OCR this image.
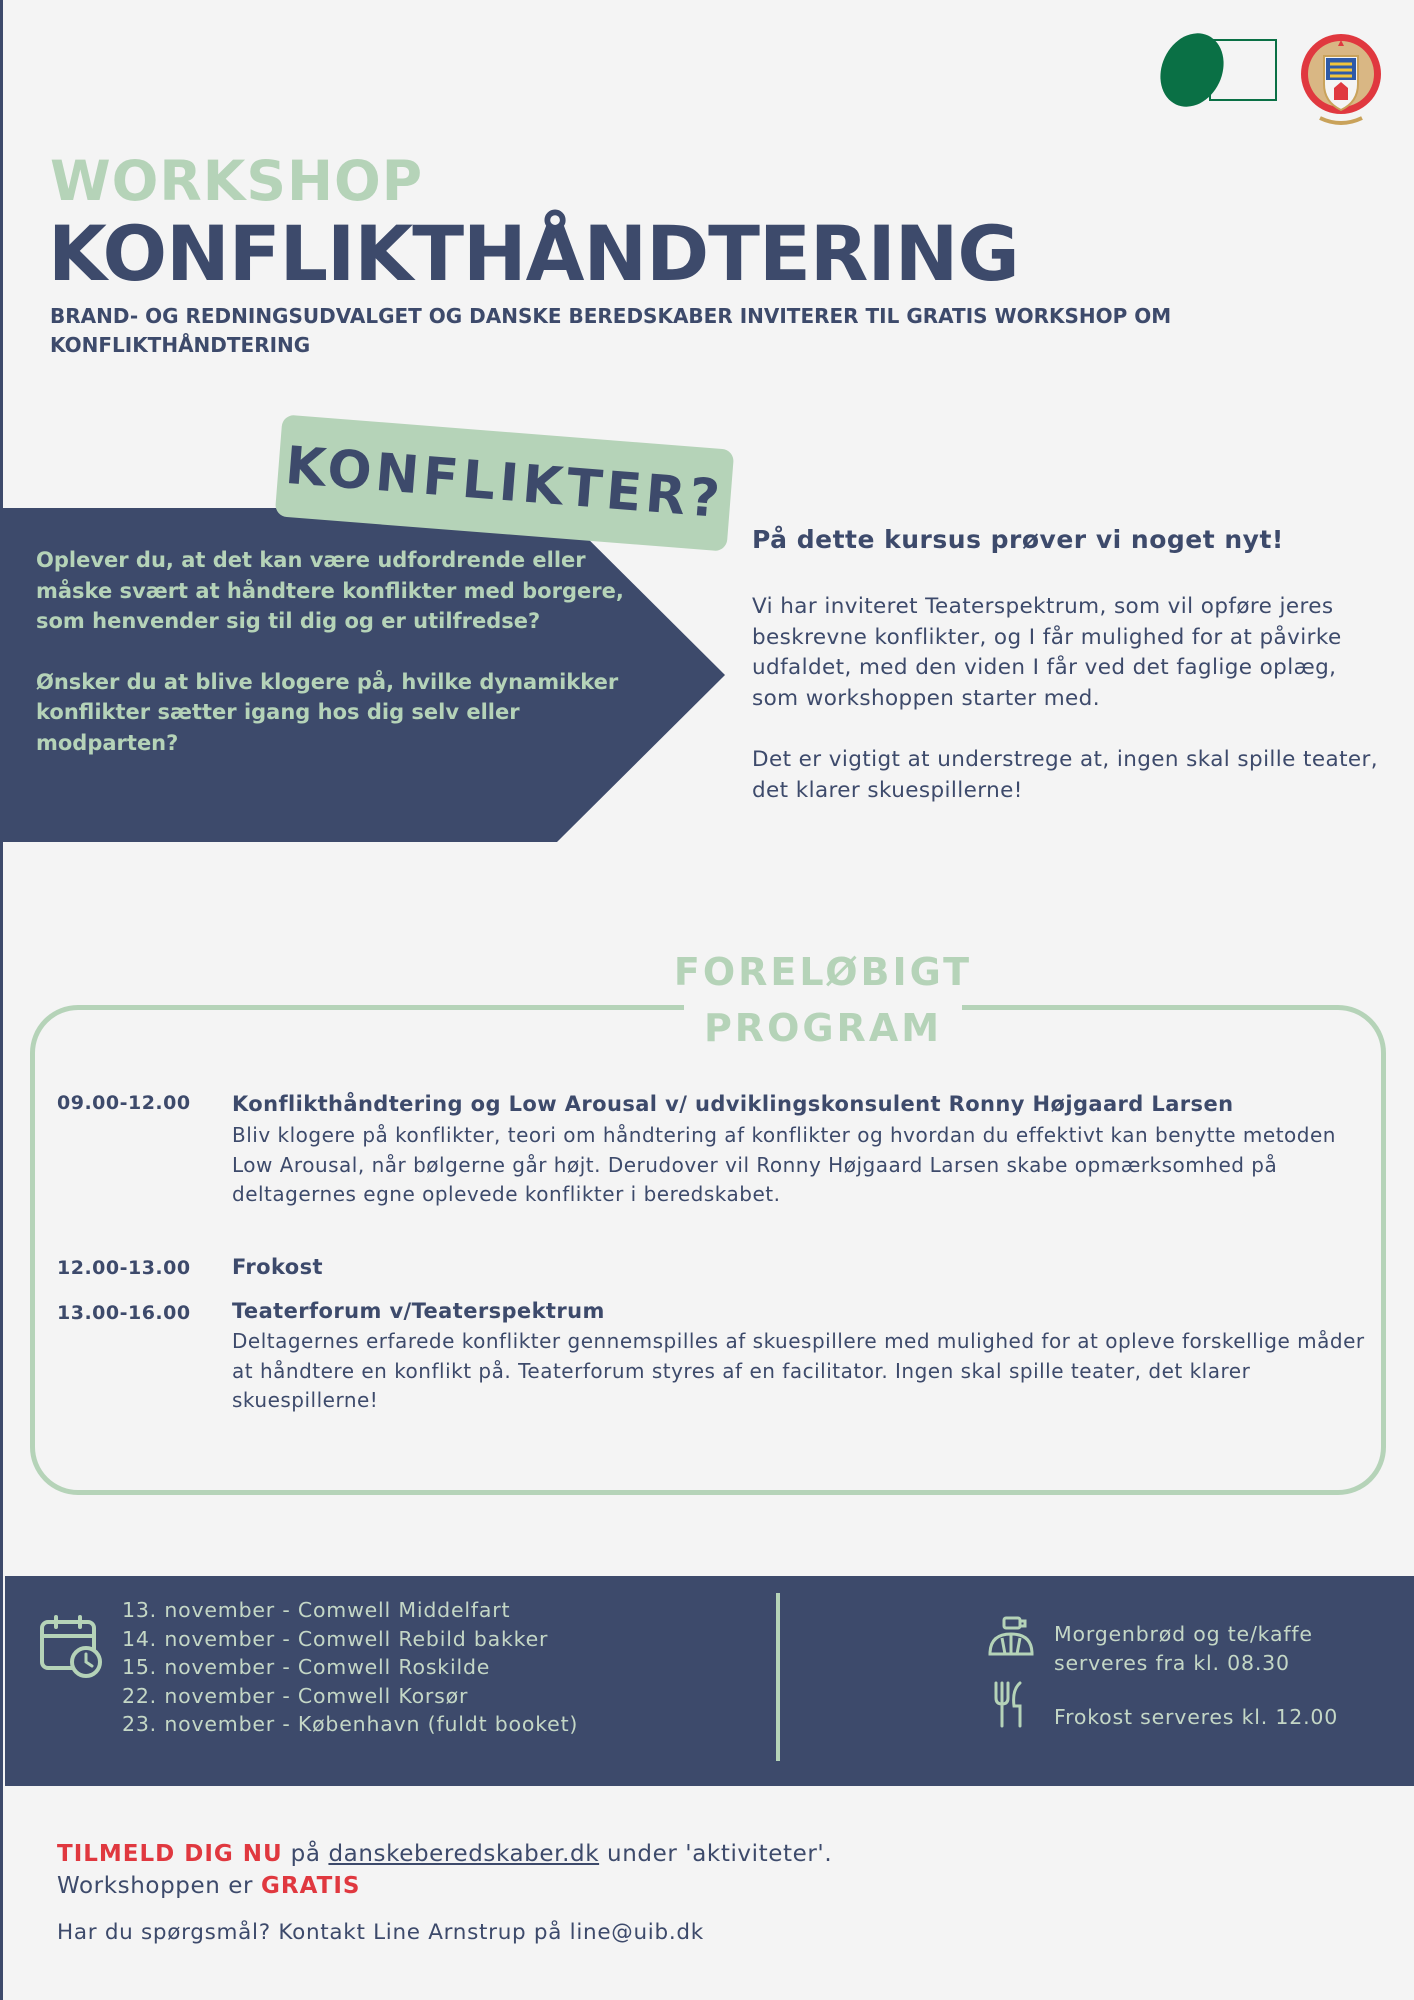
WORKSHOP
KONFLIKTHÅNDTERING
BRAND- OG REDNINGSUDVALGET OG DANSKE BEREDSKABER INVITERER TIL GRATIS WORKSHOP OM KONFLIKTHÅNDTERING
KONFLIKTER?

Oplever du, at det kan være udfordrende eller måske svært at håndtere konflikter med borgere, som henvender sig til dig og er utilfredse?

Ønsker du at blive klogere på, hvilke dynamikker konflikter sætter igang hos dig selv eller modparten?

På dette kursus prøver vi noget nyt!

Vi har inviteret Teaterspektrum, som vil opføre jeres beskrevne konflikter, og I får mulighed for at påvirke udfaldet, med den viden I får ved det faglige oplæg, som workshoppen starter med.

Det er vigtigt at understrege at, ingen skal spille teater, det klarer skuespillerne!

FORELØBIGT
PROGRAM
09.00-12.00 Konflikthåndtering og Low Arousal v/ udviklingskonsulent Ronny Højgaard Larsen
Bliv klogere på konflikter, teori om håndtering af konflikter og hvordan du effektivt kan benytte metoden Low Arousal, når bølgerne går højt. Derudover vil Ronny Højgaard Larsen skabe opmærksomhed på deltagernes egne oplevede konflikter i beredskabet.
12.00-13.00 Frokost
13.00-16.00 Teaterforum v/Teaterspektrum
Deltagernes erfarede konflikter gennemspilles af skuespillere med mulighed for at opleve forskellige måder at håndtere en konflikt på. Teaterforum styres af en facilitator. Ingen skal spille teater, det klarer skuespillerne!
13. november - Comwell Middelfart
14. november - Comwell Rebild bakker
15. november - Comwell Roskilde
22. november - Comwell Korsør
23. november - København (fuldt booket)
Morgenbrød og te/kaffe
serveres fra kl. 08.30
Frokost serveres kl. 12.00
TILMELD DIG NU på danskeberedskaber.dk under 'aktiviteter'.
Workshoppen er GRATIS
Har du spørgsmål? Kontakt Line Arnstrup på line@uib.dk
